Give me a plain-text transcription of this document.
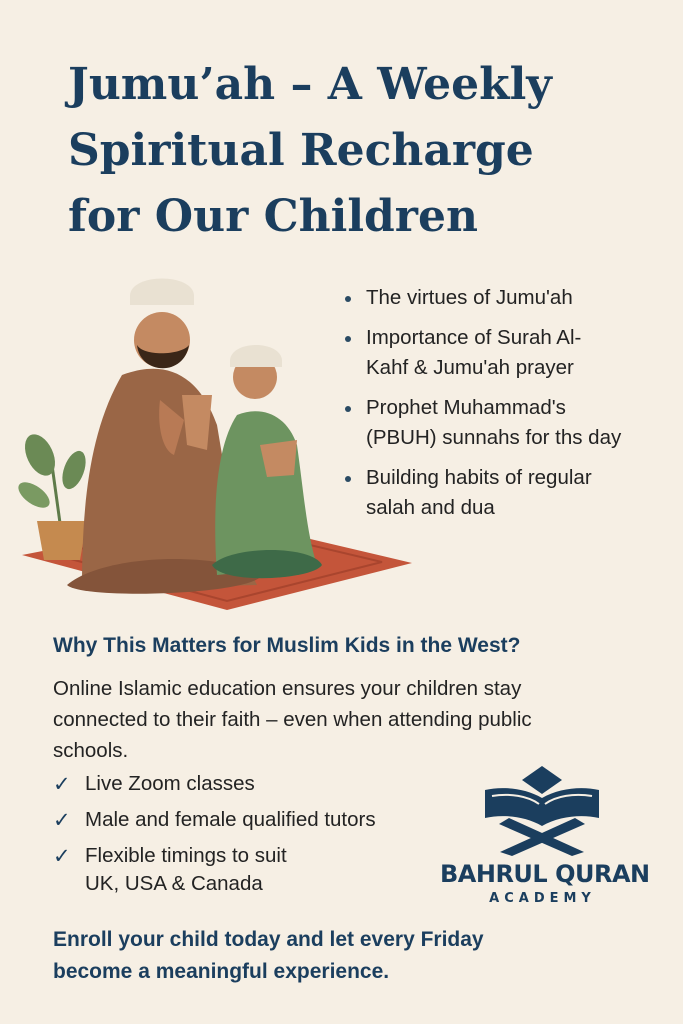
Jumu’ah – A Weekly
Spiritual Recharge
for Our Children
The virtues of Jumu'ah
Importance of Surah Al-
Kahf & Jumu'ah prayer
Prophet Muhammad's
(PBUH) sunnahs for ths day
Building habits of regular
salah and dua
Why This Matters for Muslim Kids in the West?

Online Islamic education ensures your children stay
connected to their faith – even when attending public
schools.

✓ Live Zoom classes
✓ Male and female qualified tutors
✓ Flexible timings to suit
UK, USA & Canada	BAHRUL QURAN
ACADEMY

Enroll your child today and let every Friday
become a meaningful experience.
